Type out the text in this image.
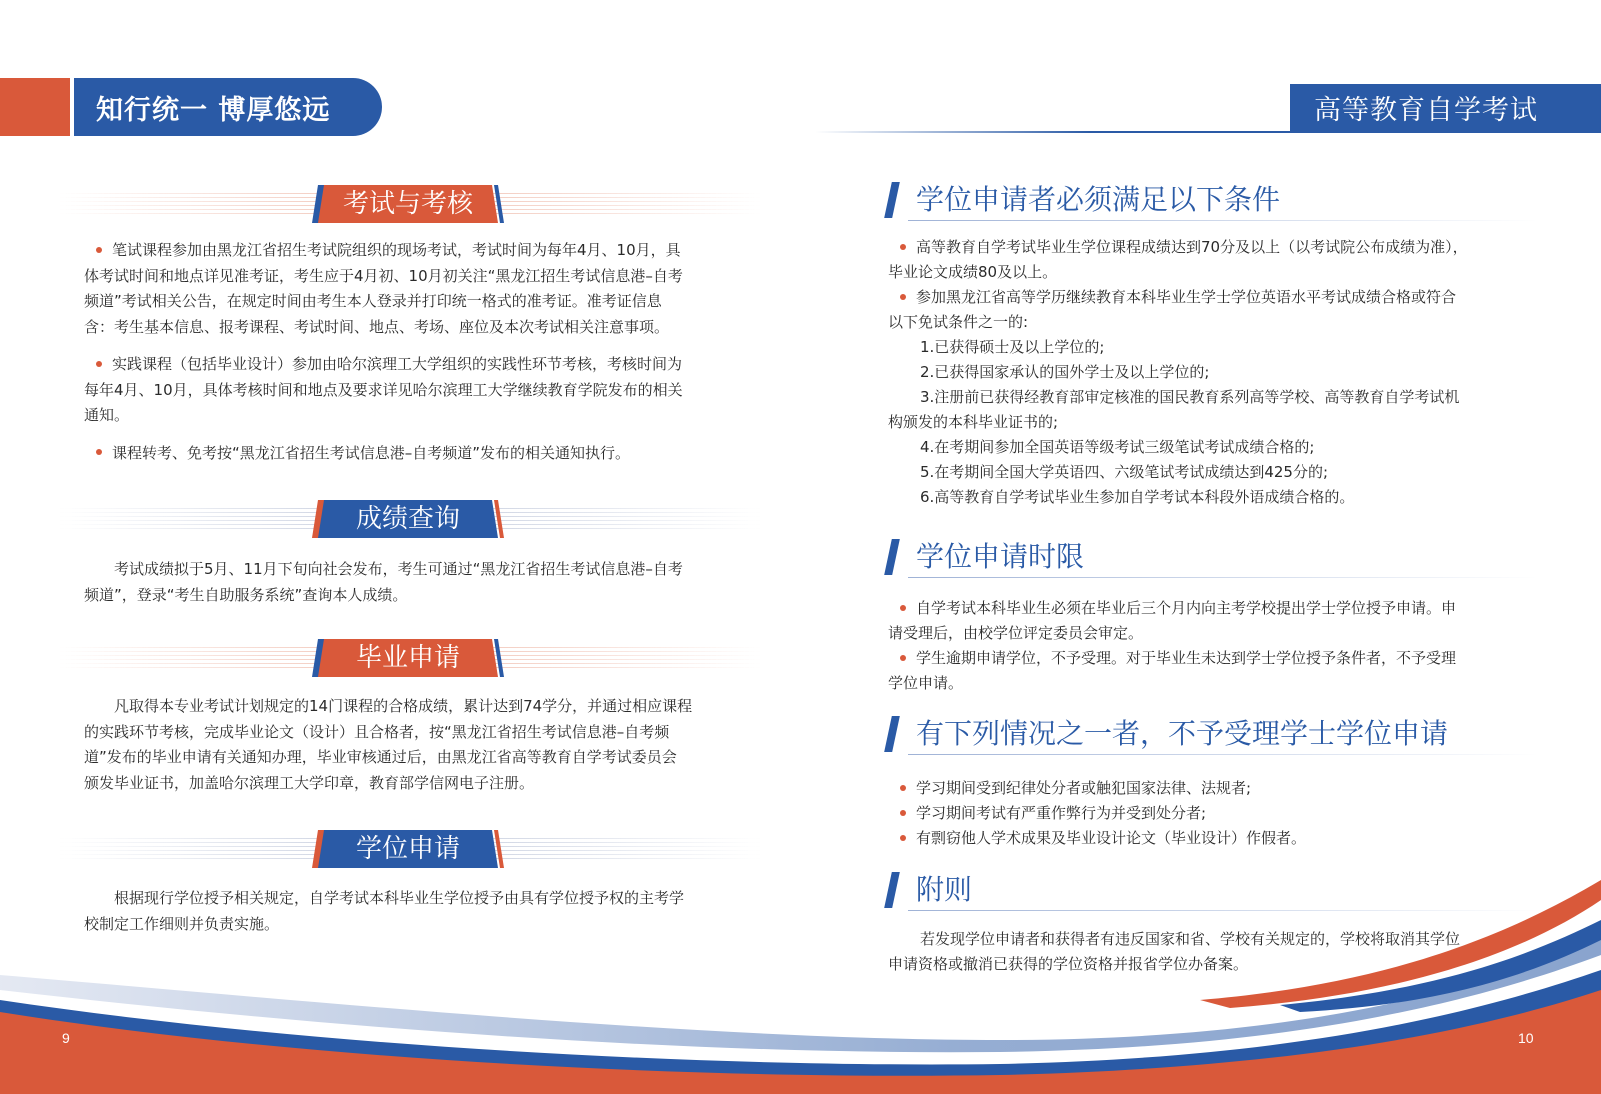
知行统一 博厚悠远	高等教育自学考试
考试与考核
笔试课程参加由黑龙江省招生考试院组织的现场考试，考试时间为每年4月、10月，具
体考试时间和地点详见准考证，考生应于4月初、10月初关注“黑龙江招生考试信息港–自考
频道”考试相关公告，在规定时间由考生本人登录并打印统一格式的准考证。准考证信息
含：考生基本信息、报考课程、考试时间、地点、考场、座位及本次考试相关注意事项。
实践课程（包括毕业设计）参加由哈尔滨理工大学组织的实践性环节考核，考核时间为
每年4月、10月，具体考核时间和地点及要求详见哈尔滨理工大学继续教育学院发布的相关
通知。
课程转考、免考按“黑龙江省招生考试信息港–自考频道”发布的相关通知执行。
成绩查询
考试成绩拟于5月、11月下旬向社会发布，考生可通过“黑龙江省招生考试信息港–自考
频道”，登录“考生自助服务系统”查询本人成绩。
毕业申请
凡取得本专业考试计划规定的14门课程的合格成绩，累计达到74学分，并通过相应课程
的实践环节考核，完成毕业论文（设计）且合格者，按“黑龙江省招生考试信息港–自考频
道”发布的毕业申请有关通知办理，毕业审核通过后，由黑龙江省高等教育自学考试委员会
颁发毕业证书，加盖哈尔滨理工大学印章，教育部学信网电子注册。
学位申请
根据现行学位授予相关规定，自学考试本科毕业生学位授予由具有学位授予权的主考学
校制定工作细则并负责实施。
学位申请者必须满足以下条件
高等教育自学考试毕业生学位课程成绩达到70分及以上（以考试院公布成绩为准），
毕业论文成绩80及以上。
参加黑龙江省高等学历继续教育本科毕业生学士学位英语水平考试成绩合格或符合
以下免试条件之一的:
1.已获得硕士及以上学位的;
2.已获得国家承认的国外学士及以上学位的;
3.注册前已获得经教育部审定核准的国民教育系列高等学校、高等教育自学考试机
构颁发的本科毕业证书的;
4.在考期间参加全国英语等级考试三级笔试考试成绩合格的;
5.在考期间全国大学英语四、六级笔试考试成绩达到425分的;
6.高等教育自学考试毕业生参加自学考试本科段外语成绩合格的。
学位申请时限
自学考试本科毕业生必须在毕业后三个月内向主考学校提出学士学位授予申请。申
请受理后，由校学位评定委员会审定。
学生逾期申请学位，不予受理。对于毕业生未达到学士学位授予条件者，不予受理
学位申请。
有下列情况之一者，不予受理学士学位申请
学习期间受到纪律处分者或触犯国家法律、法规者;
学习期间考试有严重作弊行为并受到处分者;
有剽窃他人学术成果及毕业设计论文（毕业设计）作假者。
附则
若发现学位申请者和获得者有违反国家和省、学校有关规定的，学校将取消其学位
申请资格或撤消已获得的学位资格并报省学位办备案。
9	10
